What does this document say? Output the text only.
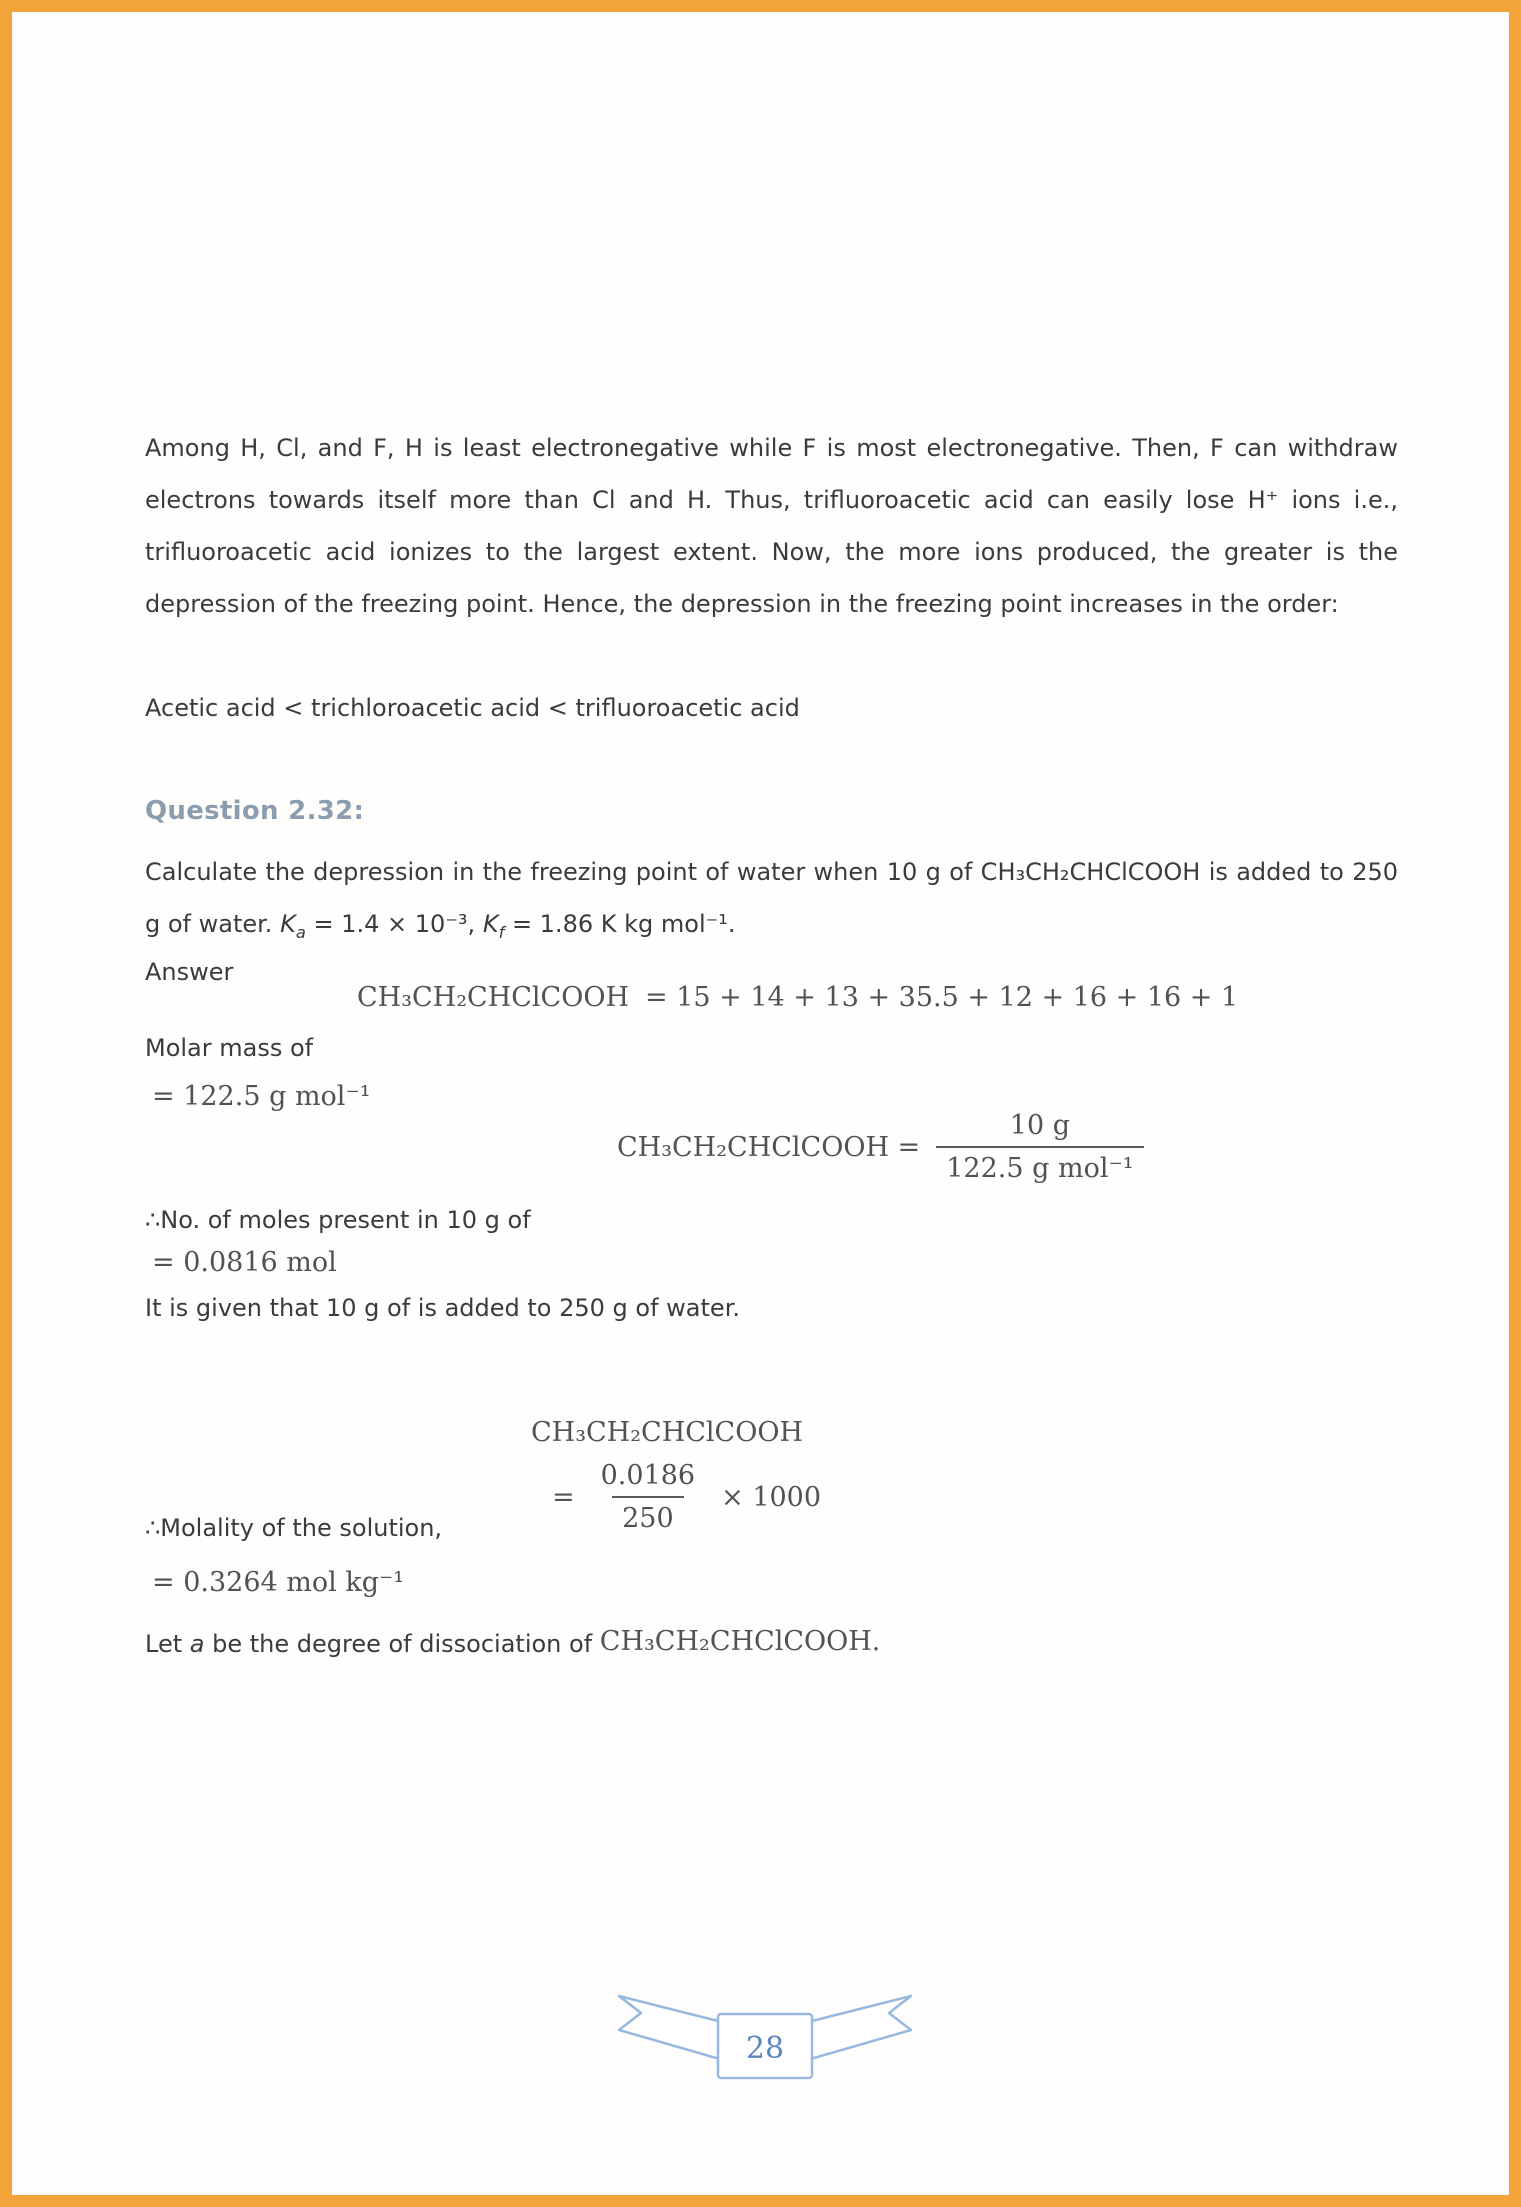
Among H, Cl, and F, H is least electronegative while F is most electronegative. Then, F can withdraw electrons towards itself more than Cl and H. Thus, trifluoroacetic acid can easily lose H⁺ ions i.e., trifluoroacetic acid ionizes to the largest extent. Now, the more ions produced, the greater is the depression of the freezing point. Hence, the depression in the freezing point increases in the order:

Acetic acid < trichloroacetic acid < trifluoroacetic acid

Question 2.32:

Calculate the depression in the freezing point of water when 10 g of CH₃CH₂CHClCOOH is added to 250 g of water. $K_a = 1.4 \times 10^{-3}$, $K_f = 1.86$ K kg mol⁻¹.

Answer

Molar mass of

CH₃CH₂CHClCOOH = 15 + 14 + 13 + 35.5 + 12 + 16 + 16 + 1

= 122.5 g mol⁻¹

∴No. of moles present in 10 g of

CH₃CH₂CHClCOOH = $\frac{10 g}{\text{122.5 g mol⁻¹}}$

= 0.0816 mol

It is given that 10 g of is added to 250 g of water.

CH₃CH₂CHClCOOH

∴Molality of the solution,

= $\frac{0.0186}{250} \times 1000$

= 0.3264 mol kg⁻¹

Let a be the degree of dissociation of CH₃CH₂CHClCOOH.

28
